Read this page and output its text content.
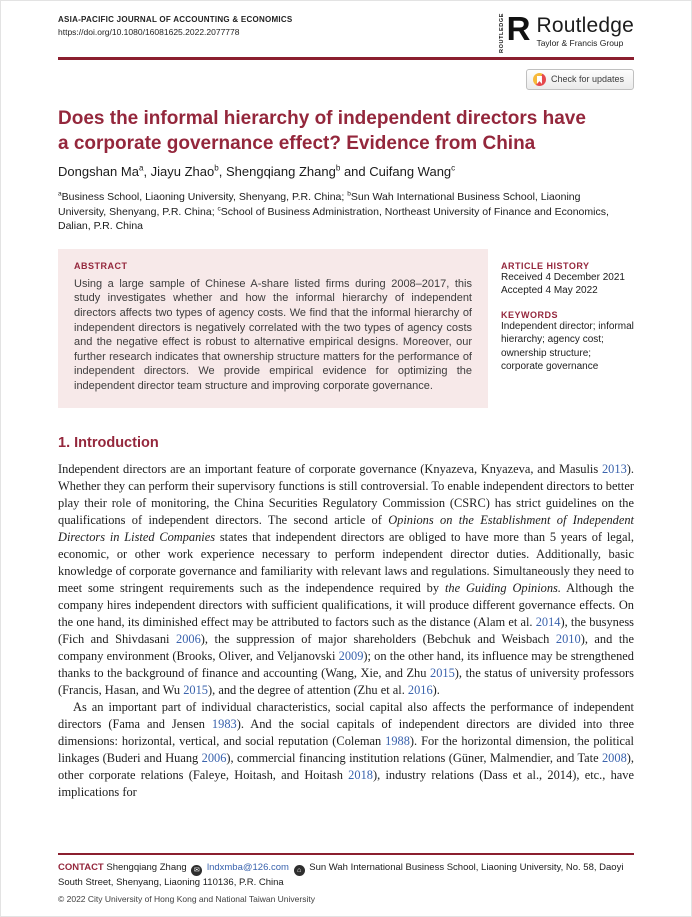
ASIA-PACIFIC JOURNAL OF ACCOUNTING & ECONOMICS
https://doi.org/10.1080/16081625.2022.2077778	ROUTLEDGE R Routledge
Taylor & Francis Group
Check for updates
Does the informal hierarchy of independent directors have
a corporate governance effect? Evidence from China
Dongshan Ma$^a$, Jiayu Zhao$^b$, Shengqiang Zhang$^b$ and Cuifang Wang$^c$
$^a$Business School, Liaoning University, Shenyang, P.R. China; $^b$Sun Wah International Business School, Liaoning University, Shenyang, P.R. China; $^c$School of Business Administration, Northeast University of Finance and Economics, Dalian, P.R. China
ABSTRACT

Using a large sample of Chinese A-share listed firms during 2008–2017, this study investigates whether and how the informal hierarchy of independent directors affects two types of agency costs. We find that the informal hierarchy of independent directors is negatively correlated with the two types of agency costs and the negative effect is robust to alternative empirical designs. Moreover, our further research indicates that ownership structure matters for the performance of independent directors. We provide empirical evidence for optimizing the independent director team structure and improving corporate governance.

ARTICLE HISTORY
Received 4 December 2021
Accepted 4 May 2022
KEYWORDS
Independent director; informal hierarchy; agency cost; ownership structure; corporate governance
1. Introduction

Independent directors are an important feature of corporate governance (Knyazeva, Knyazeva, and Masulis 2013). Whether they can perform their supervisory functions is still controversial. To enable independent directors to better play their role of monitoring, the China Securities Regulatory Commission (CSRC) has strict guidelines on the qualifications of independent directors. The second article of Opinions on the Establishment of Independent Directors in Listed Companies states that independent directors are obliged to have more than 5 years of legal, economic, or other work experience necessary to perform independent director duties. Additionally, basic knowledge of corporate governance and familiarity with relevant laws and regulations. Simultaneously they need to meet some stringent requirements such as the independence required by the Guiding Opinions. Although the company hires independent directors with sufficient qualifications, it will produce different governance effects. On the one hand, its diminished effect may be attributed to factors such as the distance (Alam et al. 2014), the busyness (Fich and Shivdasani 2006), the suppression of major shareholders (Bebchuk and Weisbach 2010), and the company environment (Brooks, Oliver, and Veljanovski 2009); on the other hand, its influence may be strengthened thanks to the background of finance and accounting (Wang, Xie, and Zhu 2015), the status of university professors (Francis, Hasan, and Wu 2015), and the degree of attention (Zhu et al. 2016).

As an important part of individual characteristics, social capital also affects the performance of independent directors (Fama and Jensen 1983). And the social capitals of independent directors are divided into three dimensions: horizontal, vertical, and social reputation (Coleman 1988). For the horizontal dimension, the political linkages (Buderi and Huang 2006), commercial financing institution relations (Güner, Malmendier, and Tate 2008), other corporate relations (Faleye, Hoitash, and Hoitash 2018), industry relations (Dass et al., 2014), etc., have implications for

CONTACT Shengqiang Zhang ✉ lndxmba@126.com ⌂ Sun Wah International Business School, Liaoning University, No. 58, Daoyi South Street, Shenyang, Liaoning 110136, P.R. China

© 2022 City University of Hong Kong and National Taiwan University
